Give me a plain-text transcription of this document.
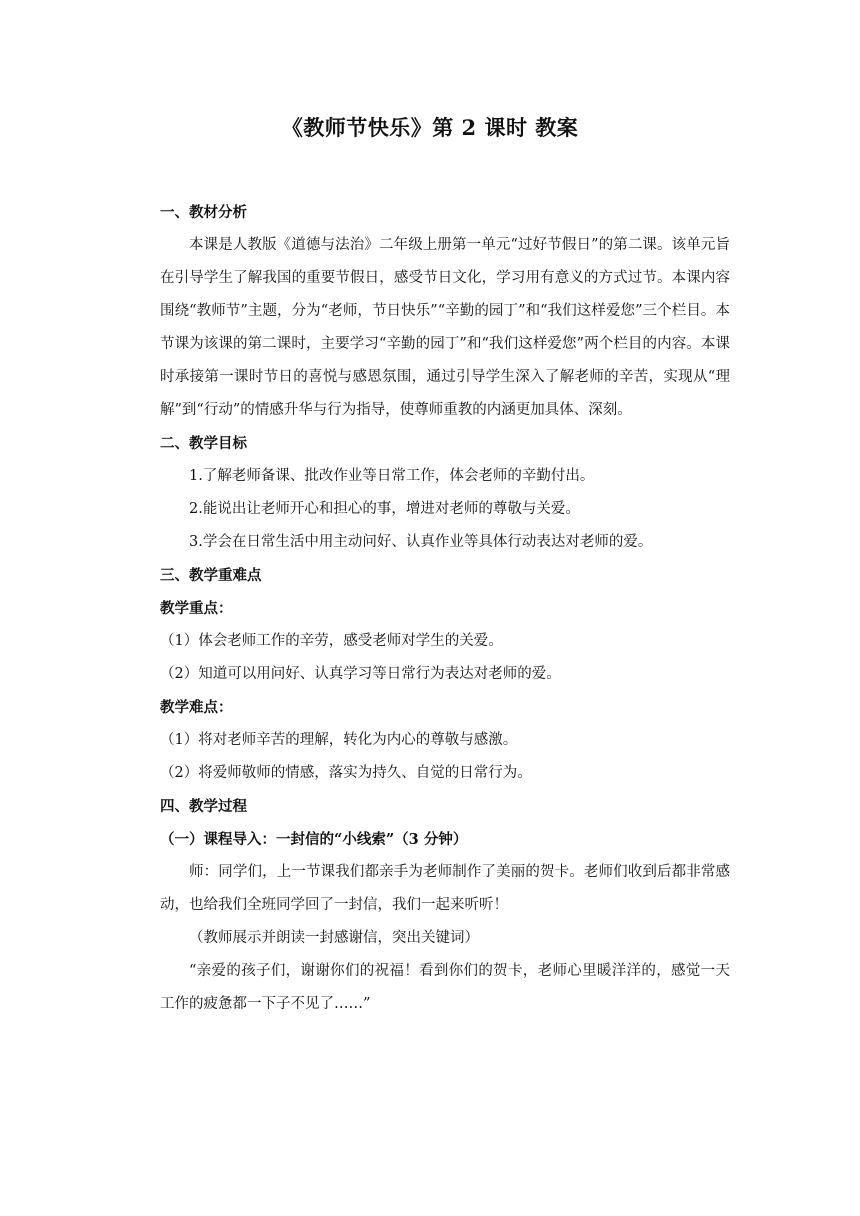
《教师节快乐》第 2 课时 教案

一、教材分析

本课是人教版《道德与法治》二年级上册第一单元“过好节假日”的第二课。该单元旨在引导学生了解我国的重要节假日，感受节日文化，学习用有意义的方式过节。本课内容围绕“教师节”主题，分为“老师，节日快乐”“辛勤的园丁”和“我们这样爱您”三个栏目。本节课为该课的第二课时，主要学习“辛勤的园丁”和“我们这样爱您”两个栏目的内容。本课时承接第一课时节日的喜悦与感恩氛围，通过引导学生深入了解老师的辛苦，实现从“理解”到“行动”的情感升华与行为指导，使尊师重教的内涵更加具体、深刻。

二、教学目标

1.了解老师备课、批改作业等日常工作，体会老师的辛勤付出。

2.能说出让老师开心和担心的事，增进对老师的尊敬与关爱。

3.学会在日常生活中用主动问好、认真作业等具体行动表达对老师的爱。

三、教学重难点

教学重点：

（1）体会老师工作的辛劳，感受老师对学生的关爱。

（2）知道可以用问好、认真学习等日常行为表达对老师的爱。

教学难点：

（1）将对老师辛苦的理解，转化为内心的尊敬与感激。

（2）将爱师敬师的情感，落实为持久、自觉的日常行为。

四、教学过程

（一）课程导入：一封信的“小线索”（3 分钟）

师：同学们，上一节课我们都亲手为老师制作了美丽的贺卡。老师们收到后都非常感动，也给我们全班同学回了一封信，我们一起来听听！

（教师展示并朗读一封感谢信，突出关键词）

“亲爱的孩子们，谢谢你们的祝福！看到你们的贺卡，老师心里暖洋洋的，感觉一天工作的疲惫都一下子不见了……”
